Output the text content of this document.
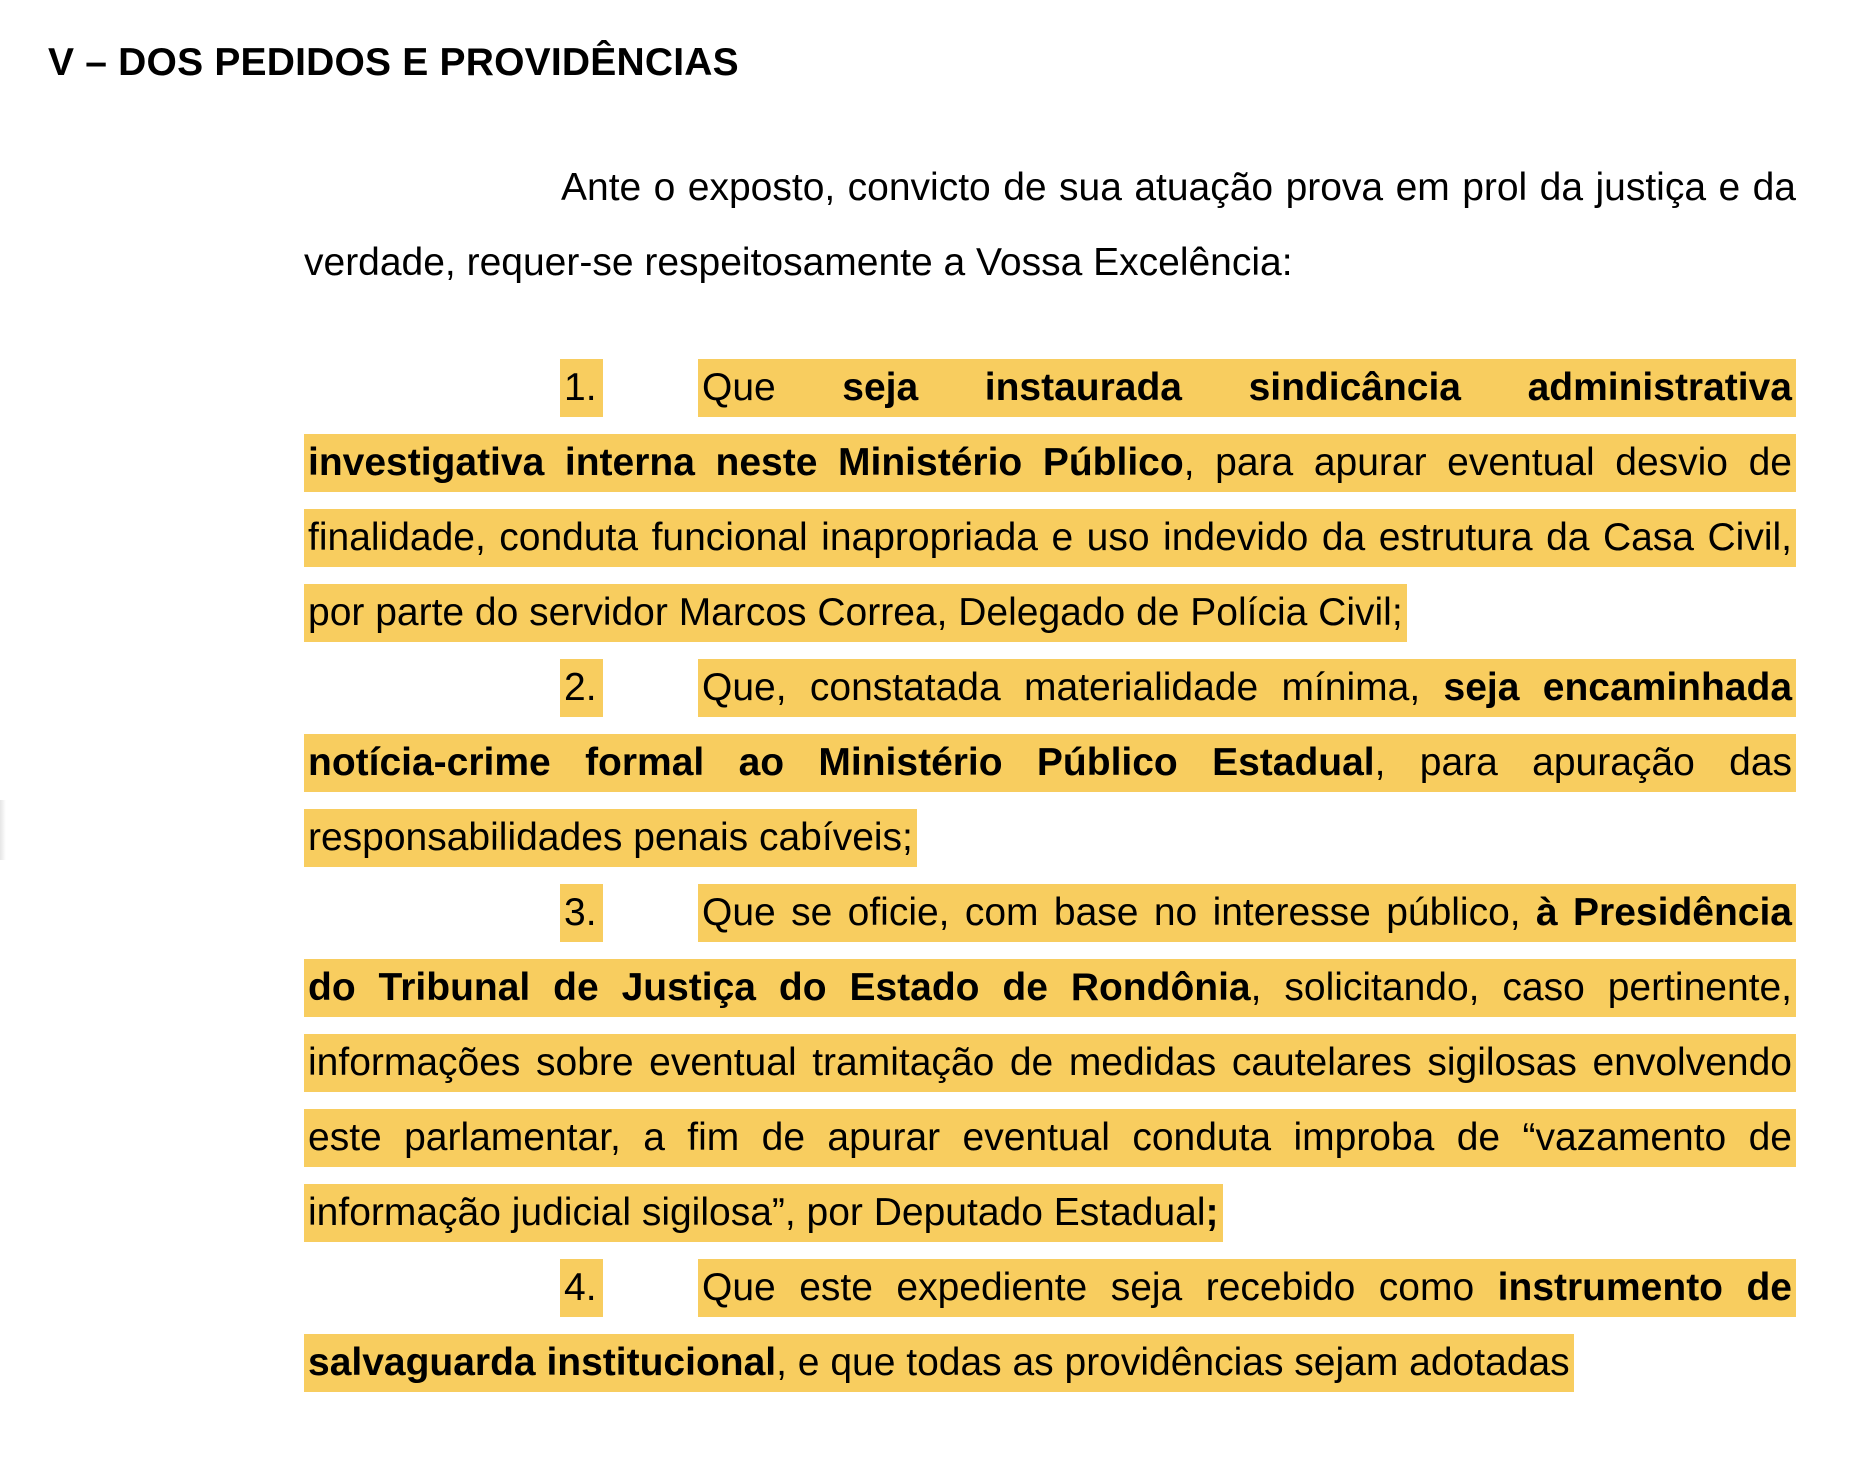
V – DOS PEDIDOS E PROVIDÊNCIAS

Ante o exposto, convicto de sua atuação prova em prol da justiça e da verdade, requer-se respeitosamente a Vossa Excelência:

1.	Que seja instaurada sindicância administrativa investigativa interna neste Ministério Público, para apurar eventual desvio de finalidade, conduta funcional inapropriada e uso indevido da estrutura da Casa Civil, por parte do servidor Marcos Correa, Delegado de Polícia Civil;

2.	Que, constatada materialidade mínima, seja encaminhada notícia-crime formal ao Ministério Público Estadual, para apuração das responsabilidades penais cabíveis;

3.	Que se oficie, com base no interesse público, à Presidência do Tribunal de Justiça do Estado de Rondônia, solicitando, caso pertinente, informações sobre eventual tramitação de medidas cautelares sigilosas envolvendo este parlamentar, a fim de apurar eventual conduta improba de “vazamento de informação judicial sigilosa”, por Deputado Estadual;

4.	Que este expediente seja recebido como instrumento de salvaguarda institucional, e que todas as providências sejam adotadas
